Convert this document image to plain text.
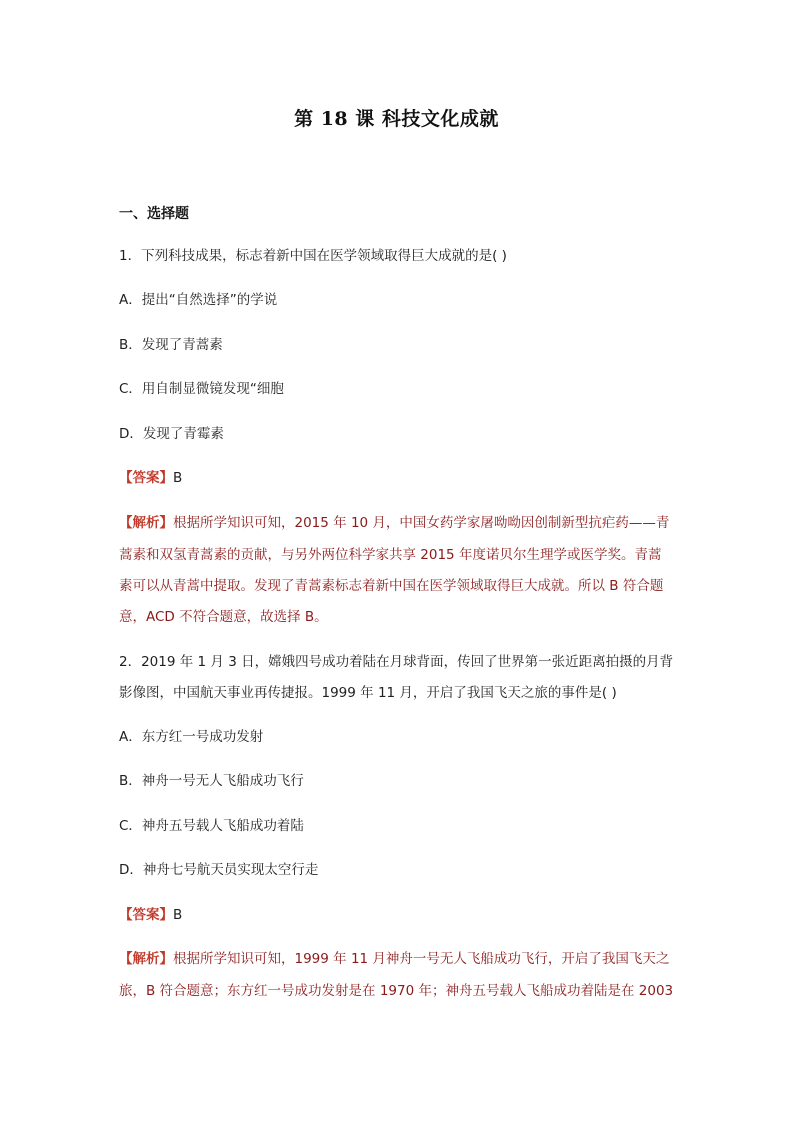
第 18 课 科技文化成就
一、选择题
1．下列科技成果，标志着新中国在医学领域取得巨大成就的是( )
A．提出“自然选择”的学说
B．发现了青蒿素
C．用自制显微镜发现“细胞
D．发现了青霉素
【答案】B
【解析】根据所学知识可知，2015 年 10 月，中国女药学家屠呦呦因创制新型抗疟药——青
蒿素和双氢青蒿素的贡献，与另外两位科学家共享 2015 年度诺贝尔生理学或医学奖。青蒿
素可以从青蒿中提取。发现了青蒿素标志着新中国在医学领域取得巨大成就。所以 B 符合题
意，ACD 不符合题意，故选择 B。
2．2019 年 1 月 3 日，嫦娥四号成功着陆在月球背面，传回了世界第一张近距离拍摄的月背
影像图，中国航天事业再传捷报。1999 年 11 月，开启了我国飞天之旅的事件是( )
A．东方红一号成功发射
B．神舟一号无人飞船成功飞行
C．神舟五号载人飞船成功着陆
D．神舟七号航天员实现太空行走
【答案】B
【解析】根据所学知识可知，1999 年 11 月神舟一号无人飞船成功飞行，开启了我国飞天之
旅，B 符合题意；东方红一号成功发射是在 1970 年；神舟五号载人飞船成功着陆是在 2003
